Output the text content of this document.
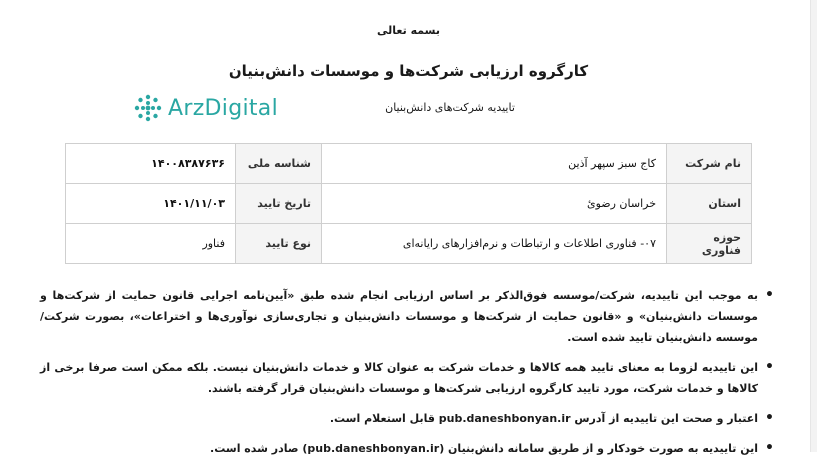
بسمه تعالی
کارگروه ارزیابی شرکت‌ها و موسسات دانش‌بنیان
تاییدیه شرکت‌های دانش‌بنیان
ArzDigital
نام شرکت	کاج سبز سپهر آذین	شناسه ملی	۱۴۰۰۸۳۸۷۶۳۶
استان	خراسان رضوئ	تاریخ تایید	۱۴۰۱/۱۱/۰۳
حوزه فناوری	۰۷- فناوری اطلاعات و ارتباطات و نرم‌افزارهای رایانه‌ای	نوع تایید	فناور
• به موجب این تاییدیه، شرکت/موسسه فوق‌الذکر بر اساس ارزیابی انجام شده طبق «آیین‌نامه اجرایی قانون حمایت از شرکت‌ها و موسسات دانش‌بنیان» و «قانون حمایت از شرکت‌ها و موسسات دانش‌بنیان و تجاری‌سازی نوآوری‌ها و اختراعات»، بصورت شرکت/موسسه دانش‌بنیان تایید شده است.
• این تاییدیه لزوما به معنای تایید همه کالاها و خدمات شرکت به عنوان کالا و خدمات دانش‌بنیان نیست. بلکه ممکن است صرفا برخی از کالاها و خدمات شرکت، مورد تایید کارگروه ارزیابی شرکت‌ها و موسسات دانش‌بنیان قرار گرفته باشند.
• اعتبار و صحت این تاییدیه از آدرس pub.daneshbonyan.ir قابل استعلام است.
• این تاییدیه به صورت خودکار و از طریق سامانه دانش‌بنیان (pub.daneshbonyan.ir) صادر شده است.
